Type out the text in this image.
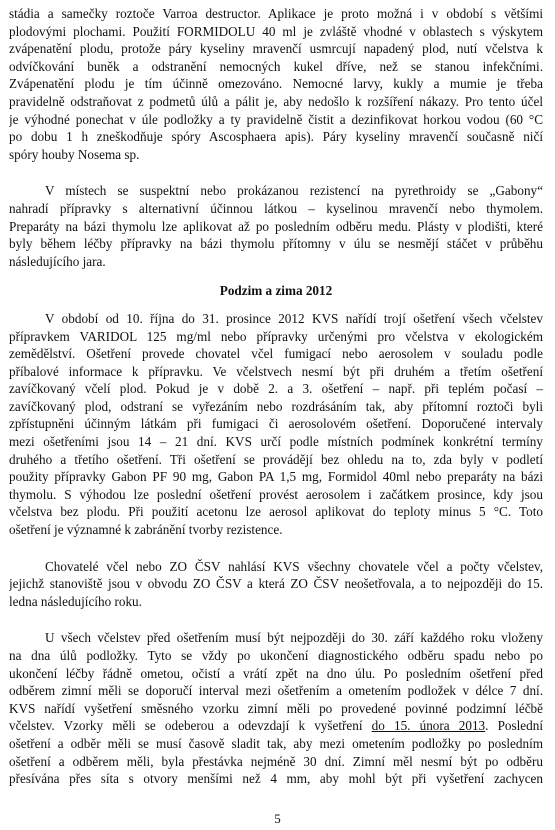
stádia a samečky roztoče Varroa destructor. Aplikace je proto možná i v období s většími
plodovými plochami. Použití FORMIDOLU 40 ml je zvláště vhodné v oblastech s výskytem
zvápenatění plodu, protože páry kyseliny mravenčí usmrcují napadený plod, nutí včelstva k
odvíčkování buněk a odstranění nemocných kukel dříve, než se stanou infekčními.
Zvápenatění plodu je tím účinně omezováno. Nemocné larvy, kukly a mumie je třeba
pravidelně odstraňovat z podmetů úlů a pálit je, aby nedošlo k rozšíření nákazy. Pro tento účel
je výhodné ponechat v úle podložky a ty pravidelně čistit a dezinfikovat horkou vodou (60 °C
po dobu 1 h zneškodňuje spóry Ascosphaera apis). Páry kyseliny mravenčí současně ničí
spóry houby Nosema sp.
V místech se suspektní nebo prokázanou rezistencí na pyrethroidy se „Gabony“
nahradí přípravky s alternativní účinnou látkou – kyselinou mravenčí nebo thymolem.
Preparáty na bázi thymolu lze aplikovat až po posledním odběru medu. Plásty v plodišti, které
byly během léčby přípravky na bázi thymolu přítomny v úlu se nesmějí stáčet v průběhu
následujícího jara.
Podzim a zima 2012
V období od 10. října do 31. prosince 2012 KVS nařídí trojí ošetření všech včelstev
přípravkem VARIDOL 125 mg/ml nebo přípravky určenými pro včelstva v ekologickém
zemědělství. Ošetření provede chovatel včel fumigací nebo aerosolem v souladu podle
příbalové informace k přípravku. Ve včelstvech nesmí být při druhém a třetím ošetření
zavíčkovaný včelí plod. Pokud je v době 2. a 3. ošetření – např. při teplém počasí –
zavíčkovaný plod, odstraní se vyřezáním nebo rozdrásáním tak, aby přítomní roztoči byli
zpřístupněni účinným látkám při fumigaci či aerosolovém ošetření. Doporučené intervaly
mezi ošetřeními jsou 14 – 21 dní. KVS určí podle místních podmínek konkrétní termíny
druhého a třetího ošetření. Tři ošetření se provádějí bez ohledu na to, zda byly v podletí
použity přípravky Gabon PF 90 mg, Gabon PA 1,5 mg, Formidol 40ml nebo preparáty na bázi
thymolu. S výhodou lze poslední ošetření provést aerosolem i začátkem prosince, kdy jsou
včelstva bez plodu. Při použití acetonu lze aerosol aplikovat do teploty minus 5 °C. Toto
ošetření je významné k zabránění tvorby rezistence.
Chovatelé včel nebo ZO ČSV nahlásí KVS všechny chovatele včel a počty včelstev,
jejichž stanoviště jsou v obvodu ZO ČSV a která ZO ČSV neošetřovala, a to nejpozději do 15.
ledna následujícího roku.
U všech včelstev před ošetřením musí být nejpozději do 30. září každého roku vloženy
na dna úlů podložky. Tyto se vždy po ukončení diagnostického odběru spadu nebo po
ukončení léčby řádně ometou, očistí a vrátí zpět na dno úlu. Po posledním ošetření před
odběrem zimní měli se doporučí interval mezi ošetřením a ometením podložek v délce 7 dní.
KVS nařídí vyšetření směsného vzorku zimní měli po provedené povinné podzimní léčbě
včelstev. Vzorky měli se odeberou a odevzdají k vyšetření do 15. února 2013. Poslední
ošetření a odběr měli se musí časově sladit tak, aby mezi ometením podložky po posledním
ošetření a odběrem měli, byla přestávka nejméně 30 dní. Zimní měl nesmí být po odběru
přesívána přes síta s otvory menšími než 4 mm, aby mohl být při vyšetření zachycen
5
